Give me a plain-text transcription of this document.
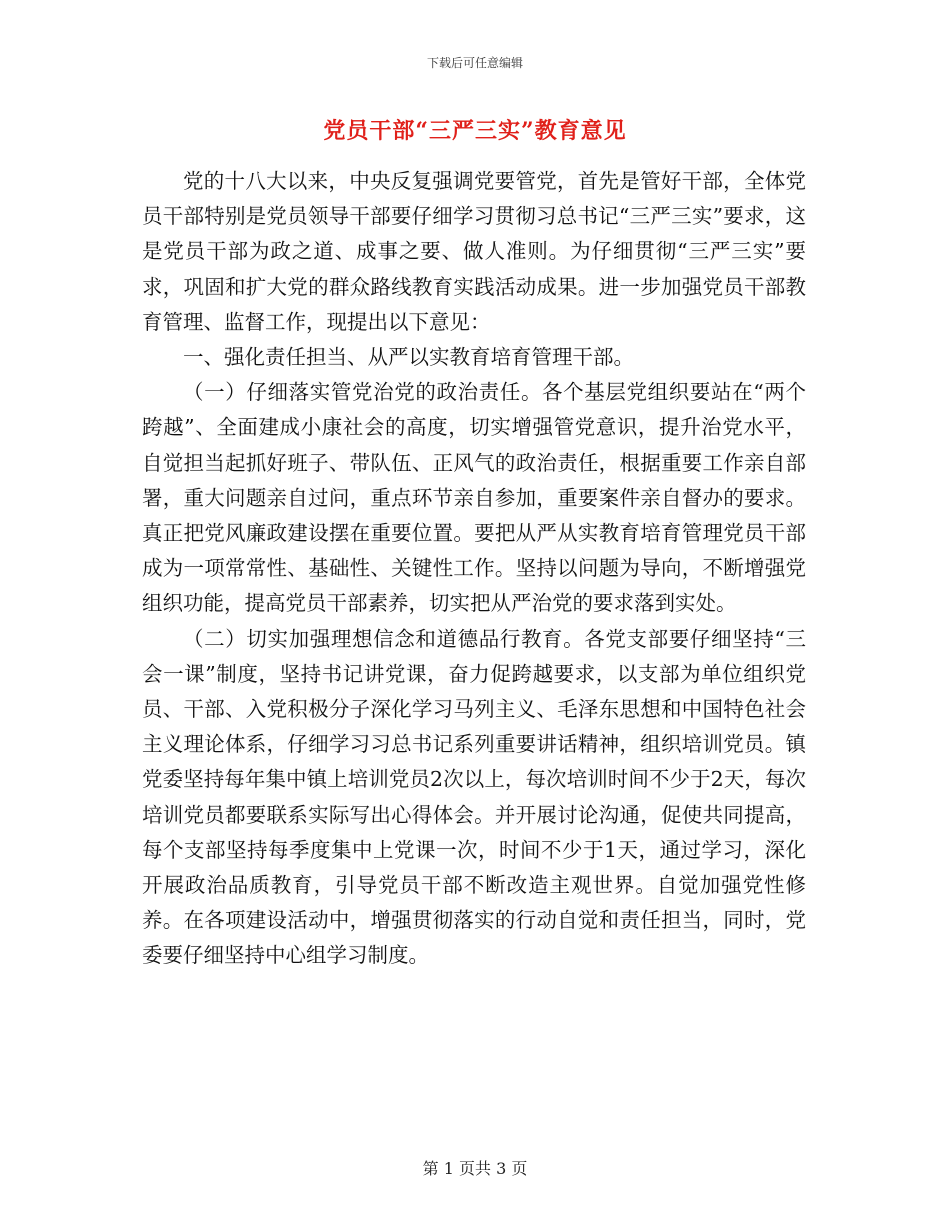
下载后可任意编辑
党员干部“三严三实”教育意见

党的十八大以来，中央反复强调党要管党，首先是管好干部，全体党员干部特别是党员领导干部要仔细学习贯彻习总书记“三严三实”要求，这是党员干部为政之道、成事之要、做人准则。为仔细贯彻“三严三实”要求，巩固和扩大党的群众路线教育实践活动成果。进一步加强党员干部教育管理、监督工作，现提出以下意见：

一、强化责任担当、从严以实教育培育管理干部。

（一）仔细落实管党治党的政治责任。各个基层党组织要站在“两个跨越”、全面建成小康社会的高度，切实增强管党意识，提升治党水平，自觉担当起抓好班子、带队伍、正风气的政治责任，根据重要工作亲自部署，重大问题亲自过问，重点环节亲自参加，重要案件亲自督办的要求。真正把党风廉政建设摆在重要位置。要把从严从实教育培育管理党员干部成为一项常常性、基础性、关键性工作。坚持以问题为导向，不断增强党组织功能，提高党员干部素养，切实把从严治党的要求落到实处。

（二）切实加强理想信念和道德品行教育。各党支部要仔细坚持“三会一课”制度，坚持书记讲党课，奋力促跨越要求，以支部为单位组织党员、干部、入党积极分子深化学习马列主义、毛泽东思想和中国特色社会主义理论体系，仔细学习习总书记系列重要讲话精神，组织培训党员。镇党委坚持每年集中镇上培训党员2次以上，每次培训时间不少于2天，每次培训党员都要联系实际写出心得体会。并开展讨论沟通，促使共同提高，每个支部坚持每季度集中上党课一次，时间不少于1天，通过学习，深化开展政治品质教育，引导党员干部不断改造主观世界。自觉加强党性修养。在各项建设活动中，增强贯彻落实的行动自觉和责任担当，同时，党委要仔细坚持中心组学习制度。

第 1 页共 3 页
